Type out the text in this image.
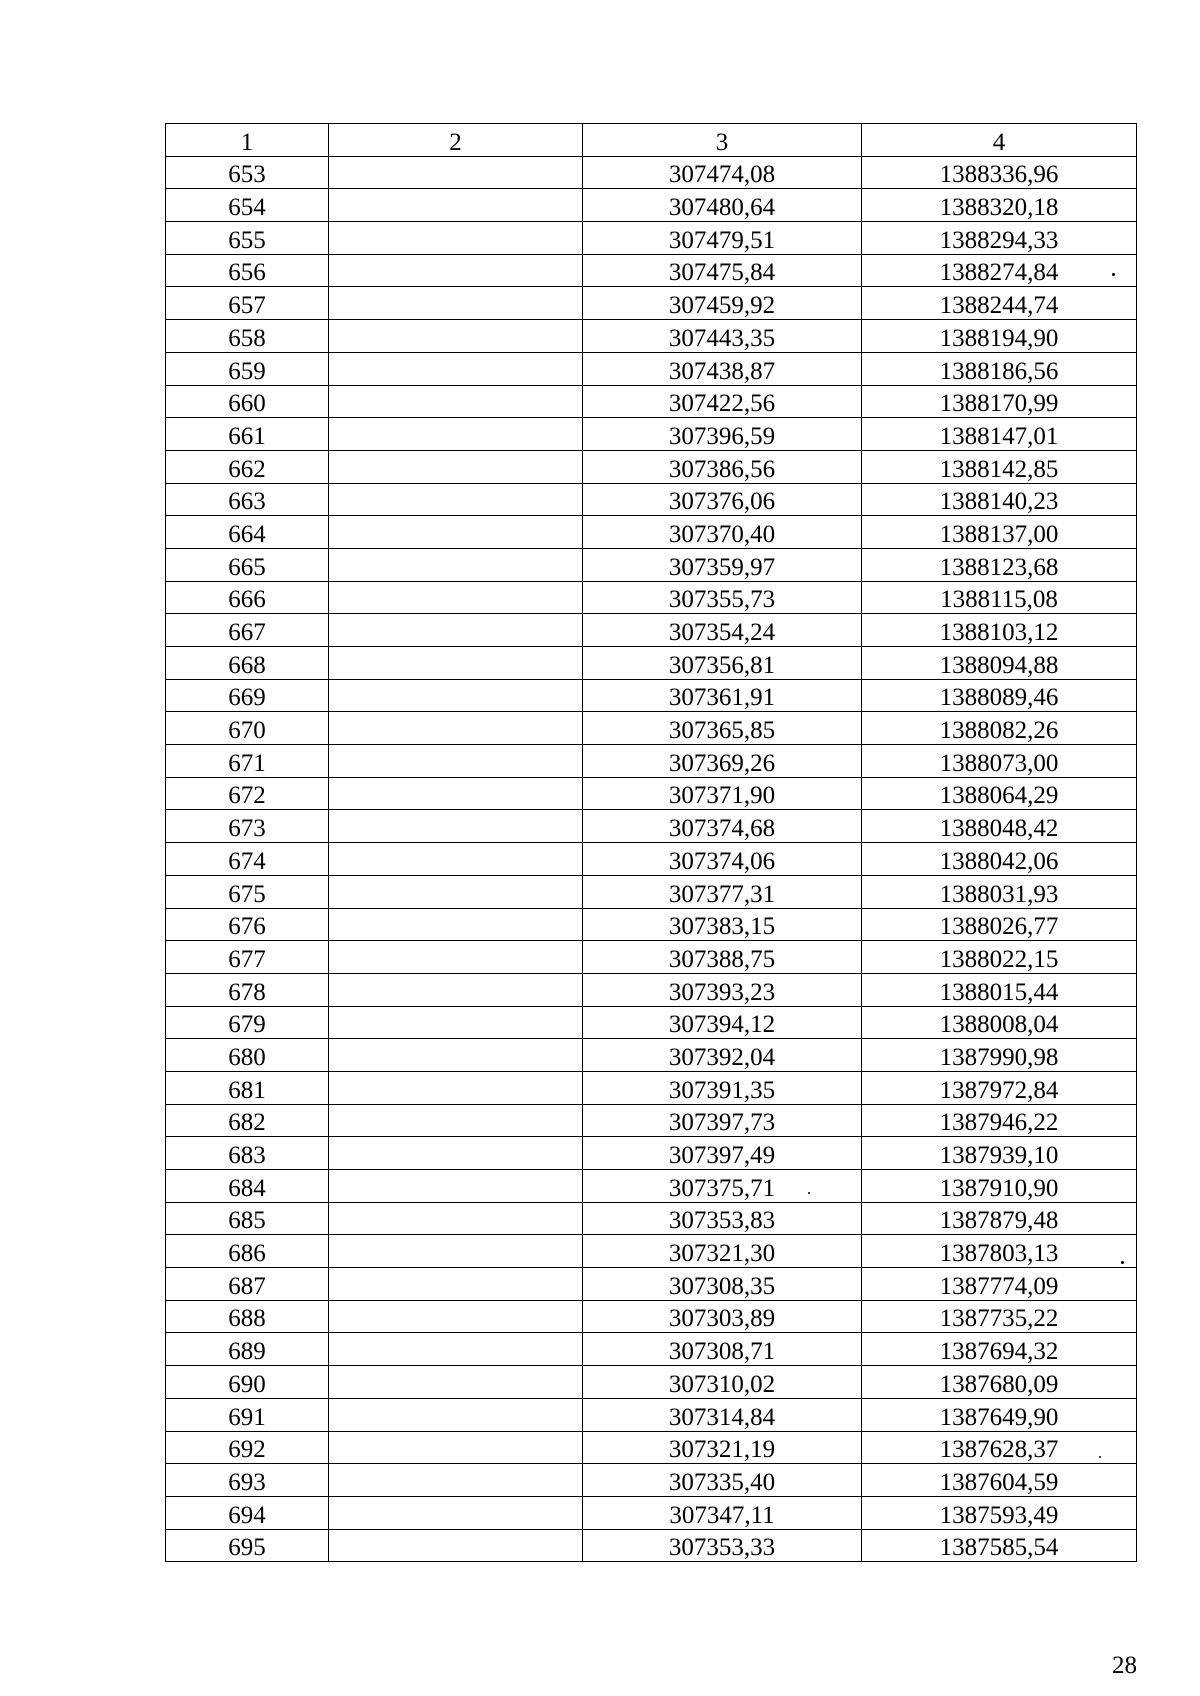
1	2	3	4
653		307474,08	1388336,96
654		307480,64	1388320,18
655		307479,51	1388294,33
656		307475,84	1388274,84
657		307459,92	1388244,74
658		307443,35	1388194,90
659		307438,87	1388186,56
660		307422,56	1388170,99
661		307396,59	1388147,01
662		307386,56	1388142,85
663		307376,06	1388140,23
664		307370,40	1388137,00
665		307359,97	1388123,68
666		307355,73	1388115,08
667		307354,24	1388103,12
668		307356,81	1388094,88
669		307361,91	1388089,46
670		307365,85	1388082,26
671		307369,26	1388073,00
672		307371,90	1388064,29
673		307374,68	1388048,42
674		307374,06	1388042,06
675		307377,31	1388031,93
676		307383,15	1388026,77
677		307388,75	1388022,15
678		307393,23	1388015,44
679		307394,12	1388008,04
680		307392,04	1387990,98
681		307391,35	1387972,84
682		307397,73	1387946,22
683		307397,49	1387939,10
684		307375,71	1387910,90
685		307353,83	1387879,48
686		307321,30	1387803,13
687		307308,35	1387774,09
688		307303,89	1387735,22
689		307308,71	1387694,32
690		307310,02	1387680,09
691		307314,84	1387649,90
692		307321,19	1387628,37
693		307335,40	1387604,59
694		307347,11	1387593,49
695		307353,33	1387585,54
28
